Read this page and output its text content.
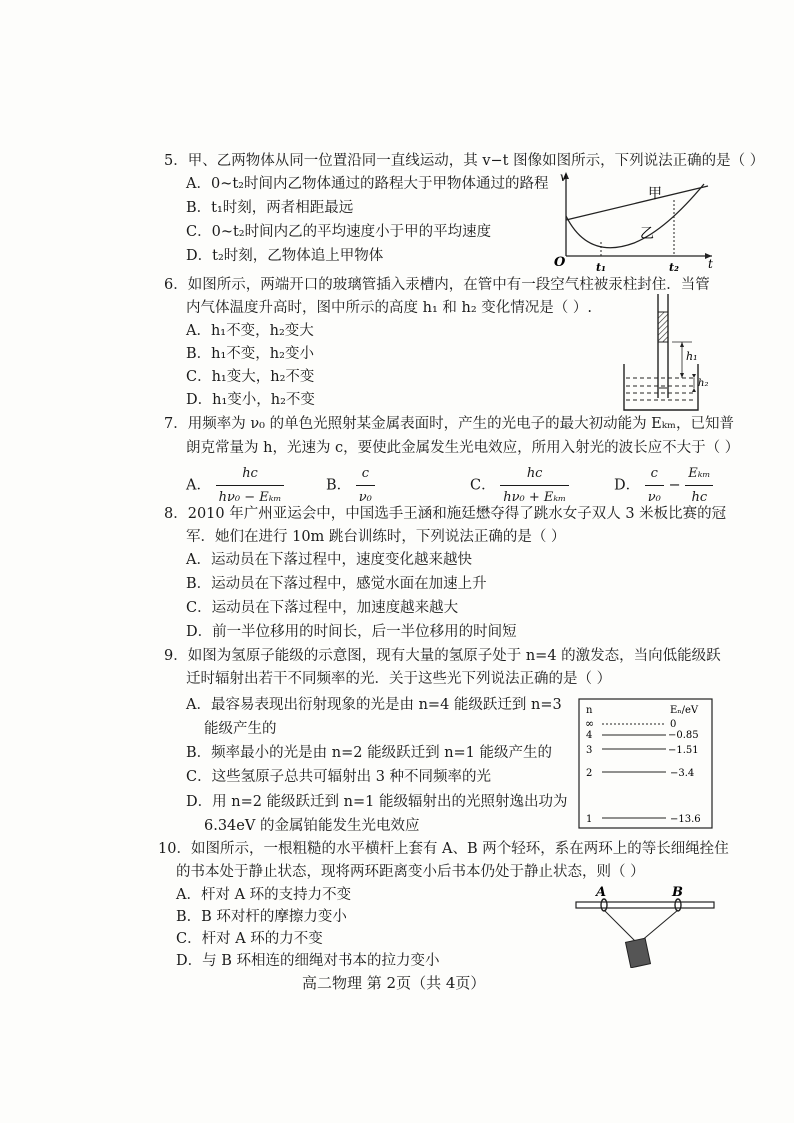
5．甲、乙两物体从同一位置沿同一直线运动，其 v−t 图像如图所示，下列说法正确的是（ ）
A．0~t₂时间内乙物体通过的路程大于甲物体通过的路程
B．t₁时刻，两者相距最远
C．0~t₂时间内乙的平均速度小于甲的平均速度
D．t₂时刻，乙物体追上甲物体
v
t
O	t₁	t₂
甲
乙
6．如图所示，两端开口的玻璃管插入汞槽内，在管中有一段空气柱被汞柱封住．当管
内气体温度升高时，图中所示的高度 h₁ 和 h₂ 变化情况是（ ）.
A．h₁不变，h₂变大
B．h₁不变，h₂变小
C．h₁变大，h₂不变
D．h₁变小，h₂不变
h₁
h₂
7．用频率为 ν₀ 的单色光照射某金属表面时，产生的光电子的最大初动能为 Eₖₘ，已知普
朗克常量为 h，光速为 c，要使此金属发生光电效应，所用入射光的波长应不大于（ ）
A． $\frac{hc}{\text{hν₀ − Eₖₘ}}$	B． $\frac{c}{\text{ν₀}}$	C． $\frac{hc}{\text{hν₀ + Eₖₘ}}$	D． $\frac{c}{\text{ν₀}} - \frac{\text{Eₖₘ}}{hc}$
8．2010 年广州亚运会中，中国选手王涵和施廷懋夺得了跳水女子双人 3 米板比赛的冠
军．她们在进行 10m 跳台训练时，下列说法正确的是（ ）
A．运动员在下落过程中，速度变化越来越快
B．运动员在下落过程中，感觉水面在加速上升
C．运动员在下落过程中，加速度越来越大
D．前一半位移用的时间长，后一半位移用的时间短
9．如图为氢原子能级的示意图，现有大量的氢原子处于 n=4 的激发态，当向低能级跃
迁时辐射出若干不同频率的光．关于这些光下列说法正确的是（ ）
A．最容易表现出衍射现象的光是由 n=4 能级跃迁到 n=3
能级产生的
B．频率最小的光是由 n=2 能级跃迁到 n=1 能级产生的
C．这些氢原子总共可辐射出 3 种不同频率的光
D．用 n=2 能级跃迁到 n=1 能级辐射出的光照射逸出功为
6.34eV 的金属铂能发生光电效应
n	Eₙ/eV
∞	0
4	−0.85
3	−1.51
2	−3.4
1	−13.6
10．如图所示，一根粗糙的水平横杆上套有 A、B 两个轻环，系在两环上的等长细绳拴住
的书本处于静止状态，现将两环距离变小后书本仍处于静止状态，则（ ）
A．杆对 A 环的支持力不变
B．B 环对杆的摩擦力变小
C．杆对 A 环的力不变
D．与 B 环相连的细绳对书本的拉力变小
A	B
高二物理 第 2页（共 4页）
